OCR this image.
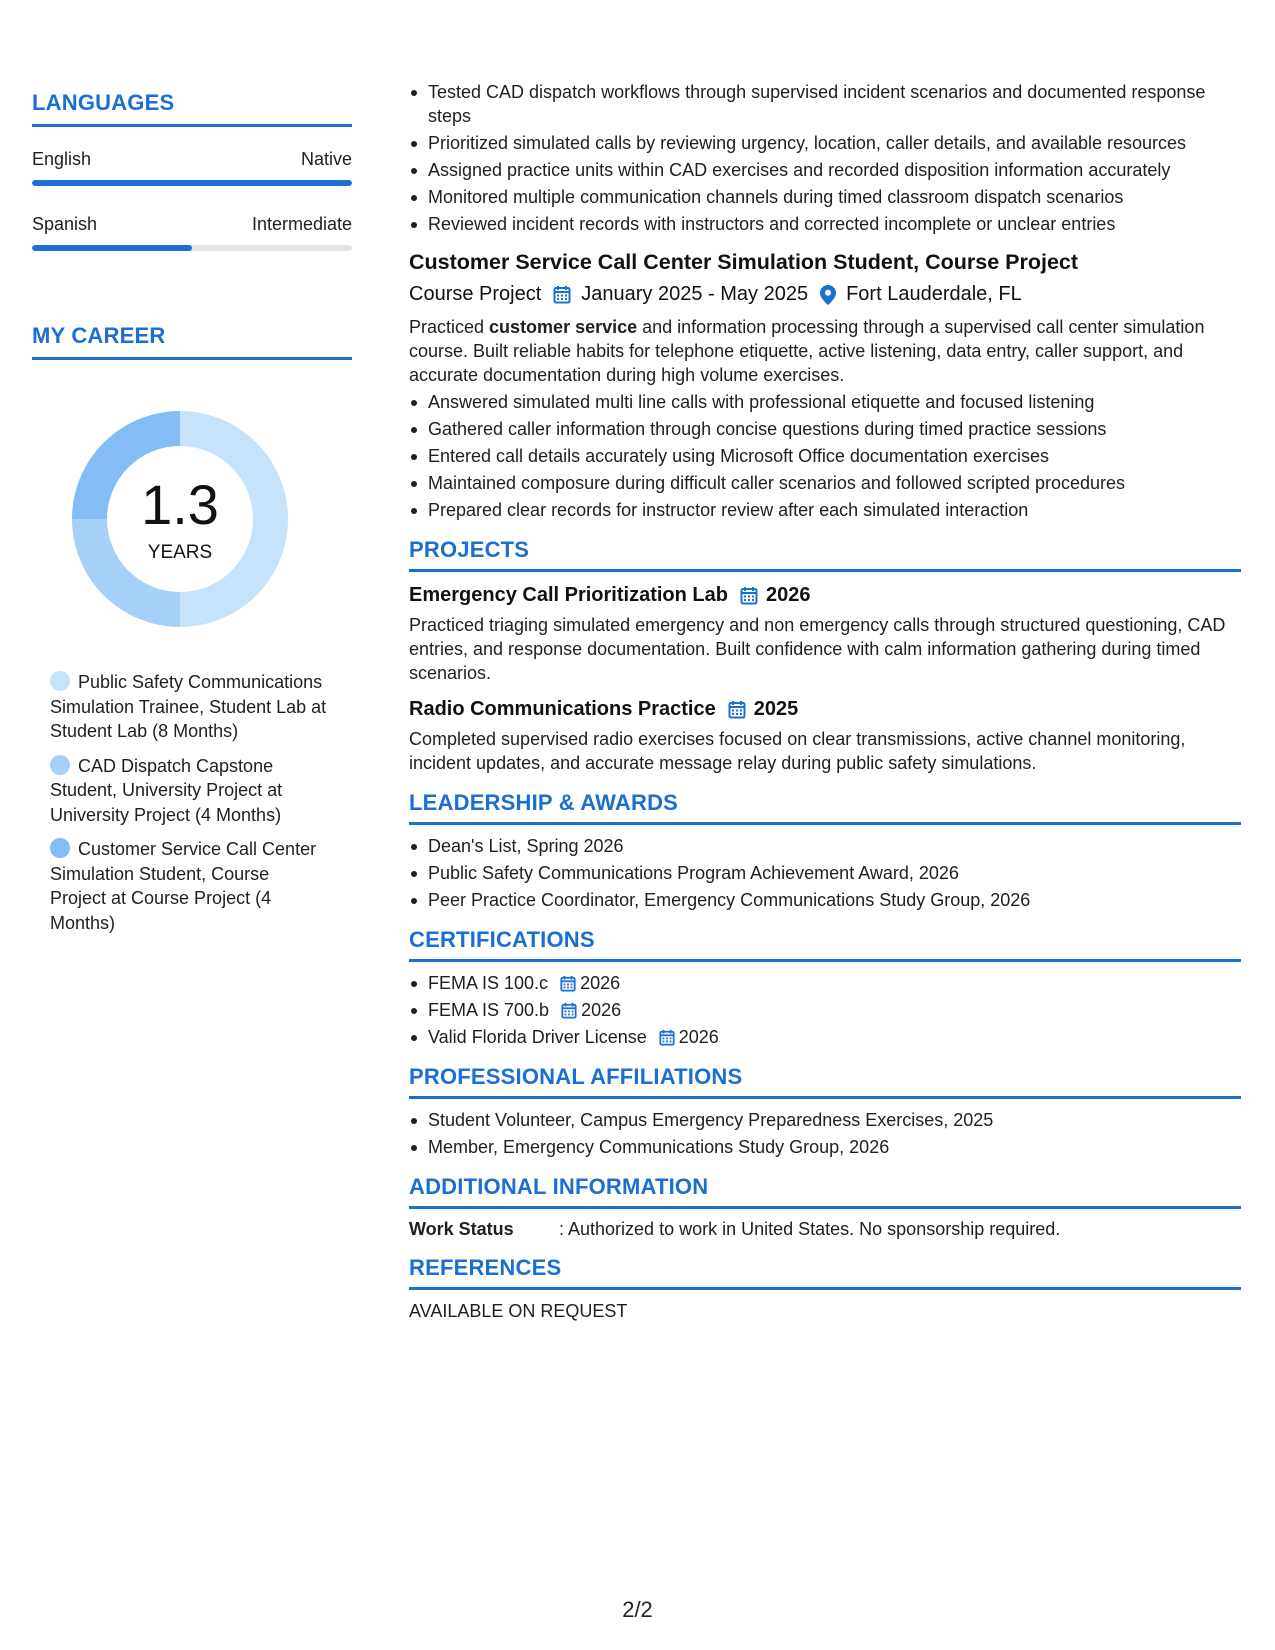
LANGUAGES
English	Native
Spanish	Intermediate
MY CAREER
1.3
YEARS
Public Safety Communications Simulation Trainee, Student Lab at Student Lab (8 Months)
CAD Dispatch Capstone Student, University Project at University Project (4 Months)
Customer Service Call Center Simulation Student, Course Project at Course Project (4 Months)
Tested CAD dispatch workflows through supervised incident scenarios and documented response steps
Prioritized simulated calls by reviewing urgency, location, caller details, and available resources
Assigned practice units within CAD exercises and recorded disposition information accurately
Monitored multiple communication channels during timed classroom dispatch scenarios
Reviewed incident records with instructors and corrected incomplete or unclear entries
Customer Service Call Center Simulation Student, Course Project
Course Project January 2025 - May 2025 Fort Lauderdale, FL
Practiced customer service and information processing through a supervised call center simulation course. Built reliable habits for telephone etiquette, active listening, data entry, caller support, and accurate documentation during high volume exercises.
Answered simulated multi line calls with professional etiquette and focused listening
Gathered caller information through concise questions during timed practice sessions
Entered call details accurately using Microsoft Office documentation exercises
Maintained composure during difficult caller scenarios and followed scripted procedures
Prepared clear records for instructor review after each simulated interaction
PROJECTS
Emergency Call Prioritization Lab 2026
Practiced triaging simulated emergency and non emergency calls through structured questioning, CAD entries, and response documentation. Built confidence with calm information gathering during timed scenarios.
Radio Communications Practice 2025
Completed supervised radio exercises focused on clear transmissions, active channel monitoring, incident updates, and accurate message relay during public safety simulations.
LEADERSHIP & AWARDS
Dean's List, Spring 2026
Public Safety Communications Program Achievement Award, 2026
Peer Practice Coordinator, Emergency Communications Study Group, 2026
CERTIFICATIONS
FEMA IS 100.c 2026
FEMA IS 700.b 2026
Valid Florida Driver License 2026
PROFESSIONAL AFFILIATIONS
Student Volunteer, Campus Emergency Preparedness Exercises, 2025
Member, Emergency Communications Study Group, 2026
ADDITIONAL INFORMATION
Work Status	: Authorized to work in United States. No sponsorship required.
REFERENCES
AVAILABLE ON REQUEST
2/2
